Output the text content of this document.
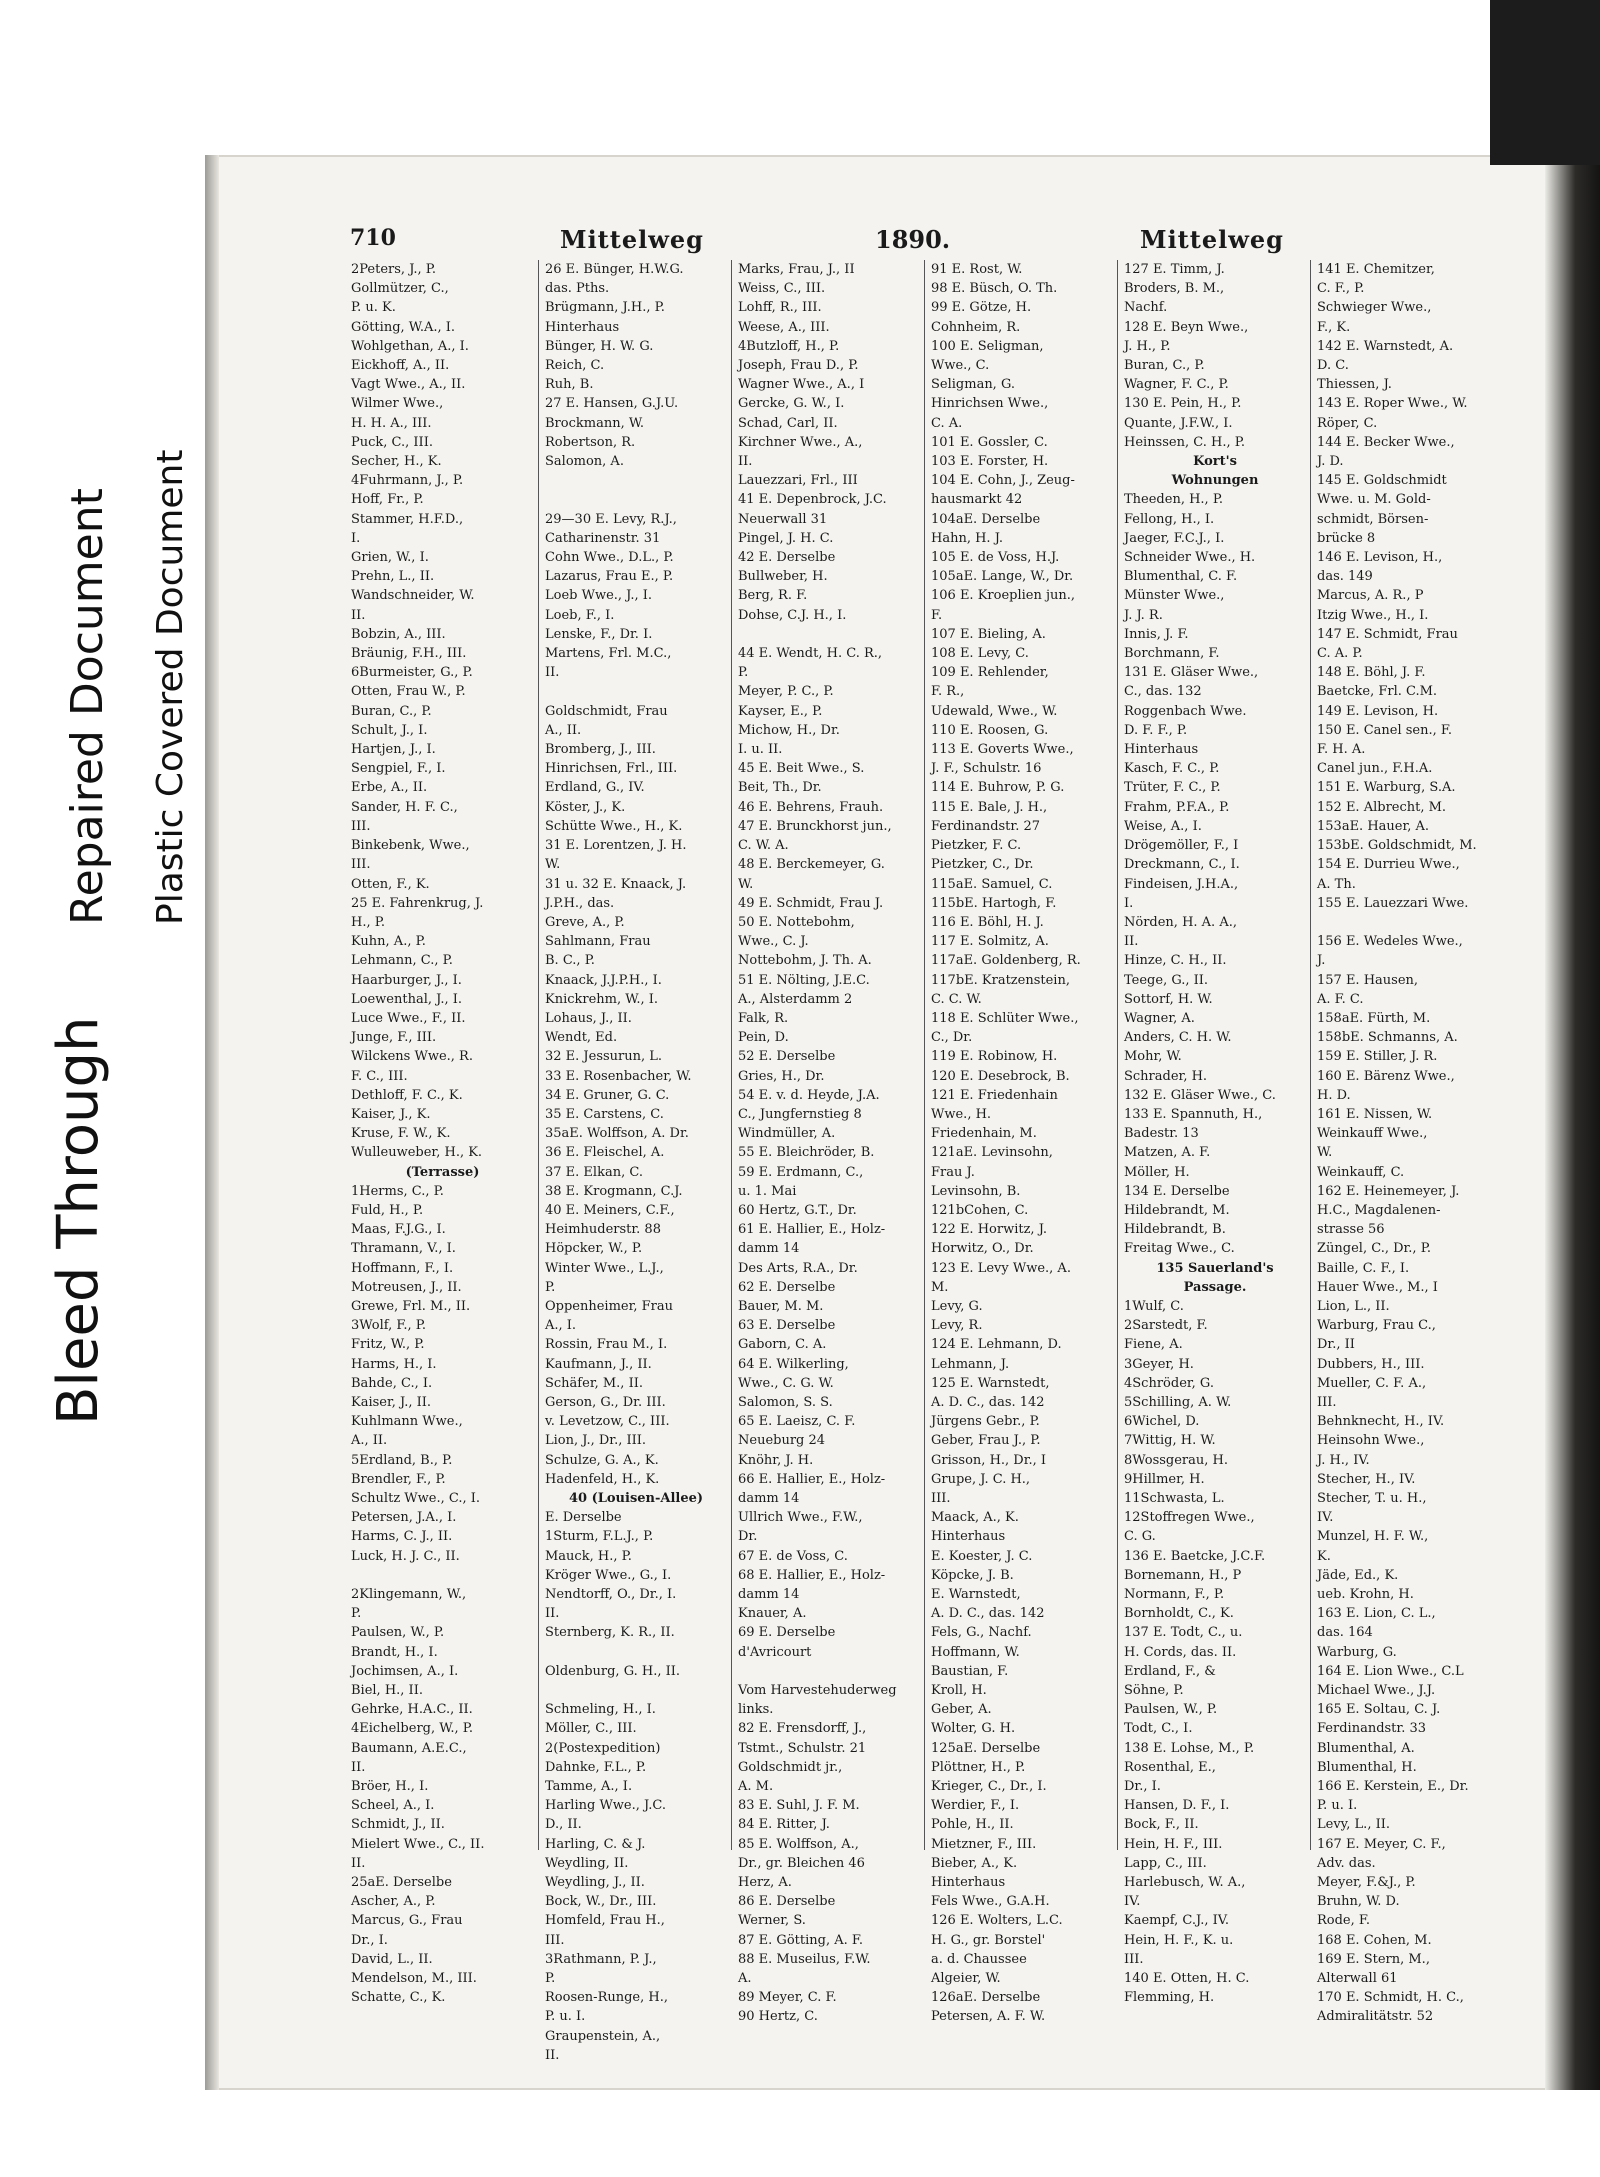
Bleed Through
Repaired Document Plastic Covered Document
710	Mittelweg	1890.	Mittelweg
2Peters, J., P.
Gollmützer, C.,
P. u. K.
Götting, W.A., I.
Wohlgethan, A., I.
Eickhoff, A., II.
Vagt Wwe., A., II.
Wilmer Wwe.,
H. H. A., III.
Puck, C., III.
Secher, H., K.
4Fuhrmann, J., P.
Hoff, Fr., P.
Stammer, H.F.D.,
I.
Grien, W., I.
Prehn, L., II.
Wandschneider, W.
II.
Bobzin, A., III.
Bräunig, F.H., III.
6Burmeister, G., P.
Otten, Frau W., P.
Buran, C., P.
Schult, J., I.
Hartjen, J., I.
Sengpiel, F., I.
Erbe, A., II.
Sander, H. F. C.,
III.
Binkebenk, Wwe.,
III.
Otten, F., K.
25 E. Fahrenkrug, J.
H., P.
Kuhn, A., P.
Lehmann, C., P.
Haarburger, J., I.
Loewenthal, J., I.
Luce Wwe., F., II.
Junge, F., III.
Wilckens Wwe., R.
F. C., III.
Dethloff, F. C., K.
Kaiser, J., K.
Kruse, F. W., K.
Wulleuweber, H., K.
(Terrasse)
1Herms, C., P.
Fuld, H., P.
Maas, F.J.G., I.
Thramann, V., I.
Hoffmann, F., I.
Motreusen, J., II.
Grewe, Frl. M., II.
3Wolf, F., P.
Fritz, W., P.
Harms, H., I.
Bahde, C., I.
Kaiser, J., II.
Kuhlmann Wwe.,
A., II.
5Erdland, B., P.
Brendler, F., P.
Schultz Wwe., C., I.
Petersen, J.A., I.
Harms, C. J., II.
Luck, H. J. C., II.

2Klingemann, W.,
P.
Paulsen, W., P.
Brandt, H., I.
Jochimsen, A., I.
Biel, H., II.
Gehrke, H.A.C., II.
4Eichelberg, W., P.
Baumann, A.E.C.,
II.
Bröer, H., I.
Scheel, A., I.
Schmidt, J., II.
Mielert Wwe., C., II.
II.
25aE. Derselbe
Ascher, A., P.
Marcus, G., Frau
Dr., I.
David, L., II.
Mendelson, M., III.
Schatte, C., K.
26 E. Bünger, H.W.G.
das. Pths.
Brügmann, J.H., P.
Hinterhaus
Bünger, H. W. G.
Reich, C.
Ruh, B.
27 E. Hansen, G.J.U.
Brockmann, W.
Robertson, R.
Salomon, A.

29—30 E. Levy, R.J.,
Catharinenstr. 31
Cohn Wwe., D.L., P.
Lazarus, Frau E., P.
Loeb Wwe., J., I.
Loeb, F., I.
Lenske, F., Dr. I.
Martens, Frl. M.C.,
II.

Goldschmidt, Frau
A., II.
Bromberg, J., III.
Hinrichsen, Frl., III.
Erdland, G., IV.
Köster, J., K.
Schütte Wwe., H., K.
31 E. Lorentzen, J. H.
W.
31 u. 32 E. Knaack, J.
J.P.H., das.
Greve, A., P.
Sahlmann, Frau
B. C., P.
Knaack, J.J.P.H., I.
Knickrehm, W., I.
Lohaus, J., II.
Wendt, Ed.
32 E. Jessurun, L.
33 E. Rosenbacher, W.
34 E. Gruner, G. C.
35 E. Carstens, C.
35aE. Wolffson, A. Dr.
36 E. Fleischel, A.
37 E. Elkan, C.
38 E. Krogmann, C.J.
40 E. Meiners, C.F.,
Heimhuderstr. 88
Höpcker, W., P.
Winter Wwe., L.J.,
P.
Oppenheimer, Frau
A., I.
Rossin, Frau M., I.
Kaufmann, J., II.
Schäfer, M., II.
Gerson, G., Dr. III.
v. Levetzow, C., III.
Lion, J., Dr., III.
Schulze, G. A., K.
Hadenfeld, H., K.
40 (Louisen-Allee)
E. Derselbe
1Sturm, F.L.J., P.
Mauck, H., P.
Kröger Wwe., G., I.
Nendtorff, O., Dr., I.
II.
Sternberg, K. R., II.

Oldenburg, G. H., II.

Schmeling, H., I.
Möller, C., III.
2(Postexpedition)
Dahnke, F.L., P.
Tamme, A., I.
Harling Wwe., J.C.
D., II.
Harling, C. & J.
Weydling, II.
Weydling, J., II.
Bock, W., Dr., III.
Homfeld, Frau H.,
III.
3Rathmann, P. J.,
P.
Roosen-Runge, H.,
P. u. I.
Graupenstein, A.,
II.
Marks, Frau, J., II
Weiss, C., III.
Lohff, R., III.
Weese, A., III.
4Butzloff, H., P.
Joseph, Frau D., P.
Wagner Wwe., A., I
Gercke, G. W., I.
Schad, Carl, II.
Kirchner Wwe., A.,
II.
Lauezzari, Frl., III
41 E. Depenbrock, J.C.
Neuerwall 31
Pingel, J. H. C.
42 E. Derselbe
Bullweber, H.
Berg, R. F.
Dohse, C.J. H., I.

44 E. Wendt, H. C. R.,
P.
Meyer, P. C., P.
Kayser, E., P.
Michow, H., Dr.
I. u. II.
45 E. Beit Wwe., S.
Beit, Th., Dr.
46 E. Behrens, Frauh.
47 E. Brunckhorst jun.,
C. W. A.
48 E. Berckemeyer, G.
W.
49 E. Schmidt, Frau J.
50 E. Nottebohm,
Wwe., C. J.
Nottebohm, J. Th. A.
51 E. Nölting, J.E.C.
A., Alsterdamm 2
Falk, R.
Pein, D.
52 E. Derselbe
Gries, H., Dr.
54 E. v. d. Heyde, J.A.
C., Jungfernstieg 8
Windmüller, A.
55 E. Bleichröder, B.
59 E. Erdmann, C.,
u. 1. Mai
60 Hertz, G.T., Dr.
61 E. Hallier, E., Holz-
damm 14
Des Arts, R.A., Dr.
62 E. Derselbe
Bauer, M. M.
63 E. Derselbe
Gaborn, C. A.
64 E. Wilkerling,
Wwe., C. G. W.
Salomon, S. S.
65 E. Laeisz, C. F.
Neueburg 24
Knöhr, J. H.
66 E. Hallier, E., Holz-
damm 14
Ullrich Wwe., F.W.,
Dr.
67 E. de Voss, C.
68 E. Hallier, E., Holz-
damm 14
Knauer, A.
69 E. Derselbe
d'Avricourt

Vom Harvestehuderweg
links.
82 E. Frensdorff, J.,
Tstmt., Schulstr. 21
Goldschmidt jr.,
A. M.
83 E. Suhl, J. F. M.
84 E. Ritter, J.
85 E. Wolffson, A.,
Dr., gr. Bleichen 46
Herz, A.
86 E. Derselbe
Werner, S.
87 E. Götting, A. F.
88 E. Museilus, F.W.
A.
89 Meyer, C. F.
90 Hertz, C.
91 E. Rost, W.
98 E. Büsch, O. Th.
99 E. Götze, H.
Cohnheim, R.
100 E. Seligman,
Wwe., C.
Seligman, G.
Hinrichsen Wwe.,
C. A.
101 E. Gossler, C.
103 E. Forster, H.
104 E. Cohn, J., Zeug-
hausmarkt 42
104aE. Derselbe
Hahn, H. J.
105 E. de Voss, H.J.
105aE. Lange, W., Dr.
106 E. Kroeplien jun.,
F.
107 E. Bieling, A.
108 E. Levy, C.
109 E. Rehlender,
F. R.,
Udewald, Wwe., W.
110 E. Roosen, G.
113 E. Goverts Wwe.,
J. F., Schulstr. 16
114 E. Buhrow, P. G.
115 E. Bale, J. H.,
Ferdinandstr. 27
Pietzker, F. C.
Pietzker, C., Dr.
115aE. Samuel, C.
115bE. Hartogh, F.
116 E. Böhl, H. J.
117 E. Solmitz, A.
117aE. Goldenberg, R.
117bE. Kratzenstein,
C. C. W.
118 E. Schlüter Wwe.,
C., Dr.
119 E. Robinow, H.
120 E. Desebrock, B.
121 E. Friedenhain
Wwe., H.
Friedenhain, M.
121aE. Levinsohn,
Frau J.
Levinsohn, B.
121bCohen, C.
122 E. Horwitz, J.
Horwitz, O., Dr.
123 E. Levy Wwe., A.
M.
Levy, G.
Levy, R.
124 E. Lehmann, D.
Lehmann, J.
125 E. Warnstedt,
A. D. C., das. 142
Jürgens Gebr., P.
Geber, Frau J., P.
Grisson, H., Dr., I
Grupe, J. C. H.,
III.
Maack, A., K.
Hinterhaus
E. Koester, J. C.
Köpcke, J. B.
E. Warnstedt,
A. D. C., das. 142
Fels, G., Nachf.
Hoffmann, W.
Baustian, F.
Kroll, H.
Geber, A.
Wolter, G. H.
125aE. Derselbe
Plöttner, H., P.
Krieger, C., Dr., I.
Werdier, F., I.
Pohle, H., II.
Mietzner, F., III.
Bieber, A., K.
Hinterhaus
Fels Wwe., G.A.H.
126 E. Wolters, L.C.
H. G., gr. Borstel'
a. d. Chaussee
Algeier, W.
126aE. Derselbe
Petersen, A. F. W.
127 E. Timm, J.
Broders, B. M.,
Nachf.
128 E. Beyn Wwe.,
J. H., P.
Buran, C., P.
Wagner, F. C., P.
130 E. Pein, H., P.
Quante, J.F.W., I.
Heinssen, C. H., P.
Kort's
Wohnungen
Theeden, H., P.
Fellong, H., I.
Jaeger, F.C.J., I.
Schneider Wwe., H.
Blumenthal, C. F.
Münster Wwe.,
J. J. R.
Innis, J. F.
Borchmann, F.
131 E. Gläser Wwe.,
C., das. 132
Roggenbach Wwe.
D. F. F., P.
Hinterhaus
Kasch, F. C., P.
Trüter, F. C., P.
Frahm, P.F.A., P.
Weise, A., I.
Drögemöller, F., I
Dreckmann, C., I.
Findeisen, J.H.A.,
I.
Nörden, H. A. A.,
II.
Hinze, C. H., II.
Teege, G., II.
Sottorf, H. W.
Wagner, A.
Anders, C. H. W.
Mohr, W.
Schrader, H.
132 E. Gläser Wwe., C.
133 E. Spannuth, H.,
Badestr. 13
Matzen, A. F.
Möller, H.
134 E. Derselbe
Hildebrandt, M.
Hildebrandt, B.
Freitag Wwe., C.
135 Sauerland's
Passage.
1Wulf, C.
2Sarstedt, F.
Fiene, A.
3Geyer, H.
4Schröder, G.
5Schilling, A. W.
6Wichel, D.
7Wittig, H. W.
8Wossgerau, H.
9Hillmer, H.
11Schwasta, L.
12Stoffregen Wwe.,
C. G.
136 E. Baetcke, J.C.F.
Bornemann, H., P
Normann, F., P.
Bornholdt, C., K.
137 E. Todt, C., u.
H. Cords, das. II.
Erdland, F., &
Söhne, P.
Paulsen, W., P.
Todt, C., I.
138 E. Lohse, M., P.
Rosenthal, E.,
Dr., I.
Hansen, D. F., I.
Bock, F., II.
Hein, H. F., III.
Lapp, C., III.
Harlebusch, W. A.,
IV.
Kaempf, C.J., IV.
Hein, H. F., K. u.
III.
140 E. Otten, H. C.
Flemming, H.
141 E. Chemitzer,
C. F., P.
Schwieger Wwe.,
F., K.
142 E. Warnstedt, A.
D. C.
Thiessen, J.
143 E. Roper Wwe., W.
Röper, C.
144 E. Becker Wwe.,
J. D.
145 E. Goldschmidt
Wwe. u. M. Gold-
schmidt, Börsen-
brücke 8
146 E. Levison, H.,
das. 149
Marcus, A. R., P
Itzig Wwe., H., I.
147 E. Schmidt, Frau
C. A. P.
148 E. Böhl, J. F.
Baetcke, Frl. C.M.
149 E. Levison, H.
150 E. Canel sen., F.
F. H. A.
Canel jun., F.H.A.
151 E. Warburg, S.A.
152 E. Albrecht, M.
153aE. Hauer, A.
153bE. Goldschmidt, M.
154 E. Durrieu Wwe.,
A. Th.
155 E. Lauezzari Wwe.

156 E. Wedeles Wwe.,
J.
157 E. Hausen,
A. F. C.
158aE. Fürth, M.
158bE. Schmanns, A.
159 E. Stiller, J. R.
160 E. Bärenz Wwe.,
H. D.
161 E. Nissen, W.
Weinkauff Wwe.,
W.
Weinkauff, C.
162 E. Heinemeyer, J.
H.C., Magdalenen-
strasse 56
Züngel, C., Dr., P.
Baille, C. F., I.
Hauer Wwe., M., I
Lion, L., II.
Warburg, Frau C.,
Dr., II
Dubbers, H., III.
Mueller, C. F. A.,
III.
Behnknecht, H., IV.
Heinsohn Wwe.,
J. H., IV.
Stecher, H., IV.
Stecher, T. u. H.,
IV.
Munzel, H. F. W.,
K.
Jäde, Ed., K.
ueb. Krohn, H.
163 E. Lion, C. L.,
das. 164
Warburg, G.
164 E. Lion Wwe., C.L
Michael Wwe., J.J.
165 E. Soltau, C. J.
Ferdinandstr. 33
Blumenthal, A.
Blumenthal, H.
166 E. Kerstein, E., Dr.
P. u. I.
Levy, L., II.
167 E. Meyer, C. F.,
Adv. das.
Meyer, F.&J., P.
Bruhn, W. D.
Rode, F.
168 E. Cohen, M.
169 E. Stern, M.,
Alterwall 61
170 E. Schmidt, H. C.,
Admiralitätstr. 52
